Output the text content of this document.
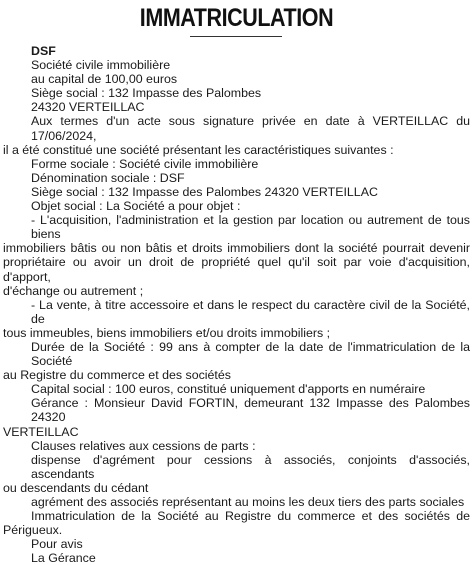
IMMATRICULATION
DSF
Société civile immobilière
au capital de 100,00 euros
Siège social : 132 Impasse des Palombes
24320 VERTEILLAC
Aux termes d'un acte sous signature privée en date à VERTEILLAC du 17/06/2024,
il a été constitué une société présentant les caractéristiques suivantes :
Forme sociale : Société civile immobilière
Dénomination sociale : DSF
Siège social : 132 Impasse des Palombes 24320 VERTEILLAC
Objet social : La Société a pour objet :
- L'acquisition, l'administration et la gestion par location ou autrement de tous biens
immobiliers bâtis ou non bâtis et droits immobiliers dont la société pourrait devenir
propriétaire ou avoir un droit de propriété quel qu'il soit par voie d'acquisition, d'apport,
d'échange ou autrement ;
- La vente, à titre accessoire et dans le respect du caractère civil de la Société, de
tous immeubles, biens immobiliers et/ou droits immobiliers ;
Durée de la Société : 99 ans à compter de la date de l'immatriculation de la Société
au Registre du commerce et des sociétés
Capital social : 100 euros, constitué uniquement d'apports en numéraire
Gérance : Monsieur David FORTIN, demeurant 132 Impasse des Palombes 24320
VERTEILLAC
Clauses relatives aux cessions de parts :
dispense d'agrément pour cessions à associés, conjoints d'associés, ascendants
ou descendants du cédant
agrément des associés représentant au moins les deux tiers des parts sociales
Immatriculation de la Société au Registre du commerce et des sociétés de
Périgueux.
Pour avis
La Gérance
